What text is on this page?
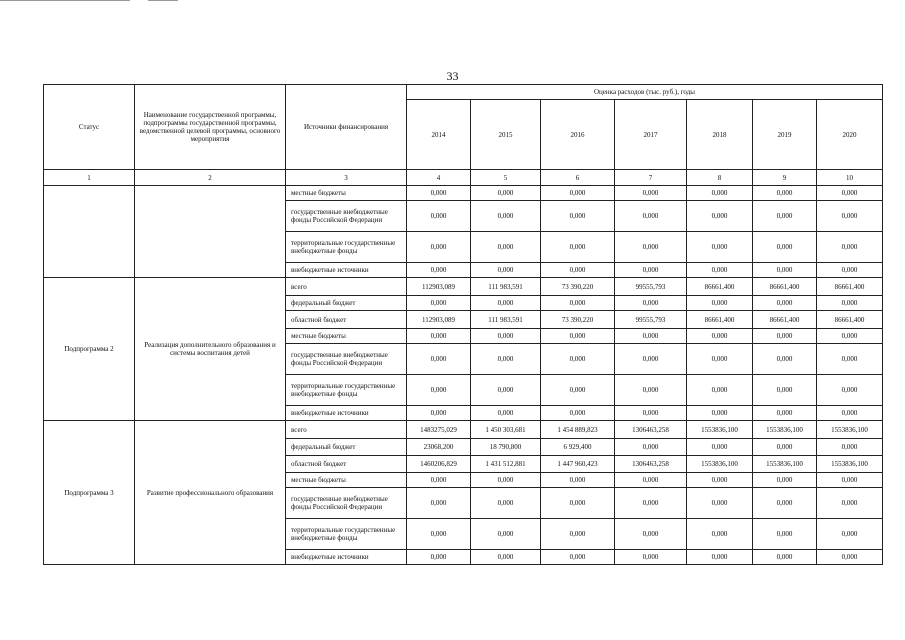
33
Статус	Наименование государственной программы, подпрограммы государственной программы, ведомственной целевой программы, основного мероприятия	Источники финансирования	Оценка расходов (тыс. руб.), годы						
			2014	2015	2016	2017	2018	2019	2020
1	2	3	4	5	6	7	8	9	10
		местные бюджеты	0,000	0,000	0,000	0,000	0,000	0,000	0,000
		государственные внебюджетные фонды Российской Федерации	0,000	0,000	0,000	0,000	0,000	0,000	0,000
		территориальные государственные внебюджетные фонды	0,000	0,000	0,000	0,000	0,000	0,000	0,000
		внебюджетные источники	0,000	0,000	0,000	0,000	0,000	0,000	0,000
Подпрограмма 2	Реализация дополнительного образования и системы воспитания детей	всего	112903,089	111 983,591	73 390,220	99555,793	86661,400	86661,400	86661,400
		федеральный бюджет	0,000	0,000	0,000	0,000	0,000	0,000	0,000
		областной бюджет	112903,089	111 983,591	73 390,220	99555,793	86661,400	86661,400	86661,400
		местные бюджеты	0,000	0,000	0,000	0,000	0,000	0,000	0,000
		государственные внебюджетные фонды Российской Федерации	0,000	0,000	0,000	0,000	0,000	0,000	0,000
		территориальные государственные внебюджетные фонды	0,000	0,000	0,000	0,000	0,000	0,000	0,000
		внебюджетные источники	0,000	0,000	0,000	0,000	0,000	0,000	0,000
Подпрограмма 3	Развитие профессионального образования	всего	1483275,029	1 450 303,681	1 454 889,823	1306463,258	1553836,100	1553836,100	1553836,100
		федеральный бюджет	23068,200	18 790,800	6 929,400	0,000	0,000	0,000	0,000
		областной бюджет	1460206,829	1 431 512,881	1 447 960,423	1306463,258	1553836,100	1553836,100	1553836,100
		местные бюджеты	0,000	0,000	0,000	0,000	0,000	0,000	0,000
		государственные внебюджетные фонды Российской Федерации	0,000	0,000	0,000	0,000	0,000	0,000	0,000
		территориальные государственные внебюджетные фонды	0,000	0,000	0,000	0,000	0,000	0,000	0,000
		внебюджетные источники	0,000	0,000	0,000	0,000	0,000	0,000	0,000
